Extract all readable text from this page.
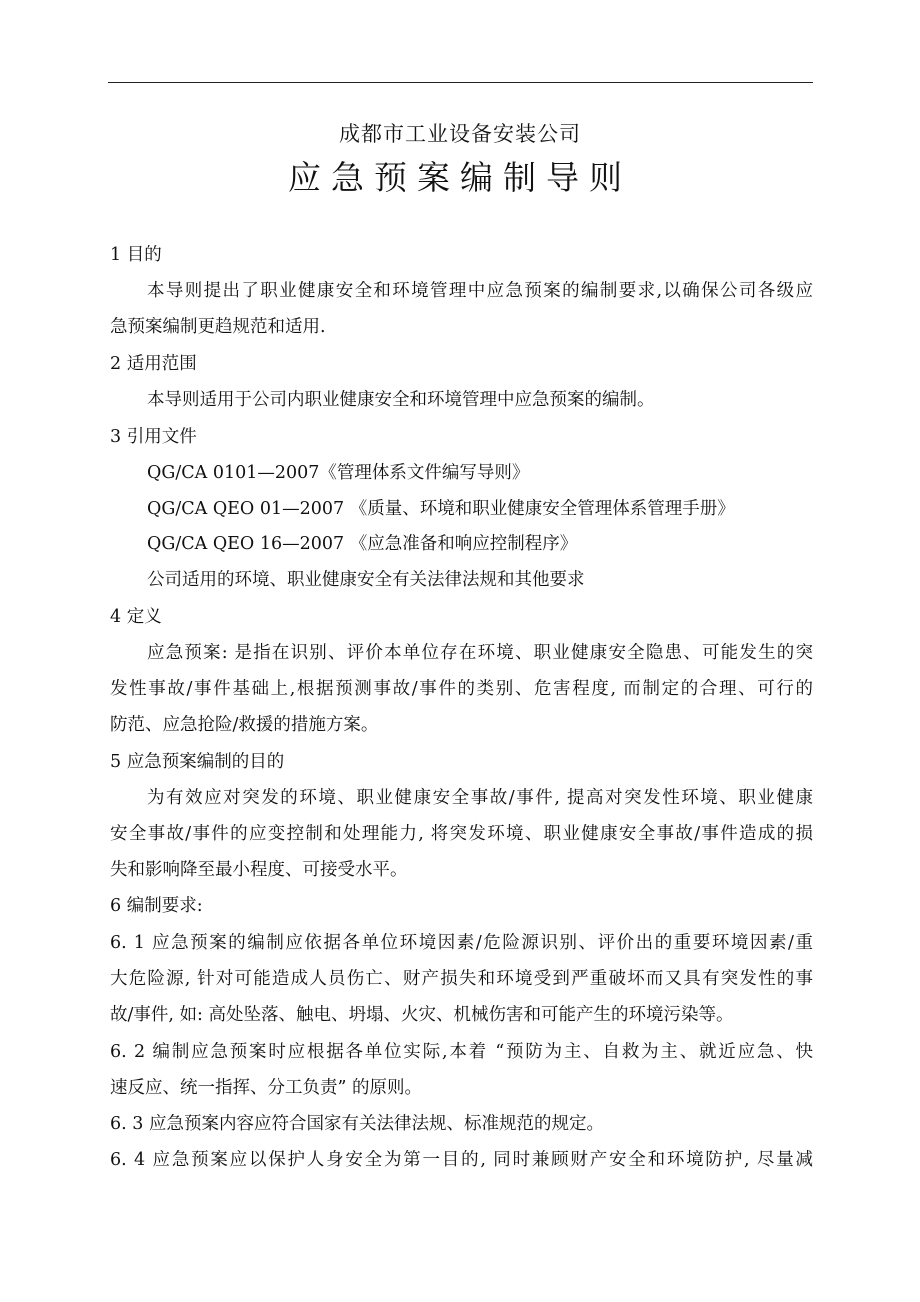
成都市工业设备安装公司
应急预案编制导则
1 目的
本导则提出了职业健康安全和环境管理中应急预案的编制要求,以确保公司各级应
急预案编制更趋规范和适用.
2 适用范围
本导则适用于公司内职业健康安全和环境管理中应急预案的编制。
3 引用文件
QG/CA 0101—2007《管理体系文件编写导则》
QG/CA QEO 01—2007 《质量、环境和职业健康安全管理体系管理手册》
QG/CA QEO 16—2007 《应急准备和响应控制程序》
公司适用的环境、职业健康安全有关法律法规和其他要求
4 定义
应急预案: 是指在识别、评价本单位存在环境、职业健康安全隐患、可能发生的突
发性事故/事件基础上,根据预测事故/事件的类别、危害程度, 而制定的合理、可行的
防范、应急抢险/救援的措施方案。
5 应急预案编制的目的
为有效应对突发的环境、职业健康安全事故/事件, 提高对突发性环境、职业健康
安全事故/事件的应变控制和处理能力, 将突发环境、职业健康安全事故/事件造成的损
失和影响降至最小程度、可接受水平。
6 编制要求:
6. 1 应急预案的编制应依据各单位环境因素/危险源识别、评价出的重要环境因素/重
大危险源, 针对可能造成人员伤亡、财产损失和环境受到严重破坏而又具有突发性的事
故/事件, 如: 高处坠落、触电、坍塌、火灾、机械伤害和可能产生的环境污染等。
6. 2 编制应急预案时应根据各单位实际,本着 “预防为主、自救为主、就近应急、快
速反应、统一指挥、分工负责” 的原则。
6. 3 应急预案内容应符合国家有关法律法规、标准规范的规定。
6. 4 应急预案应以保护人身安全为第一目的, 同时兼顾财产安全和环境防护, 尽量减
